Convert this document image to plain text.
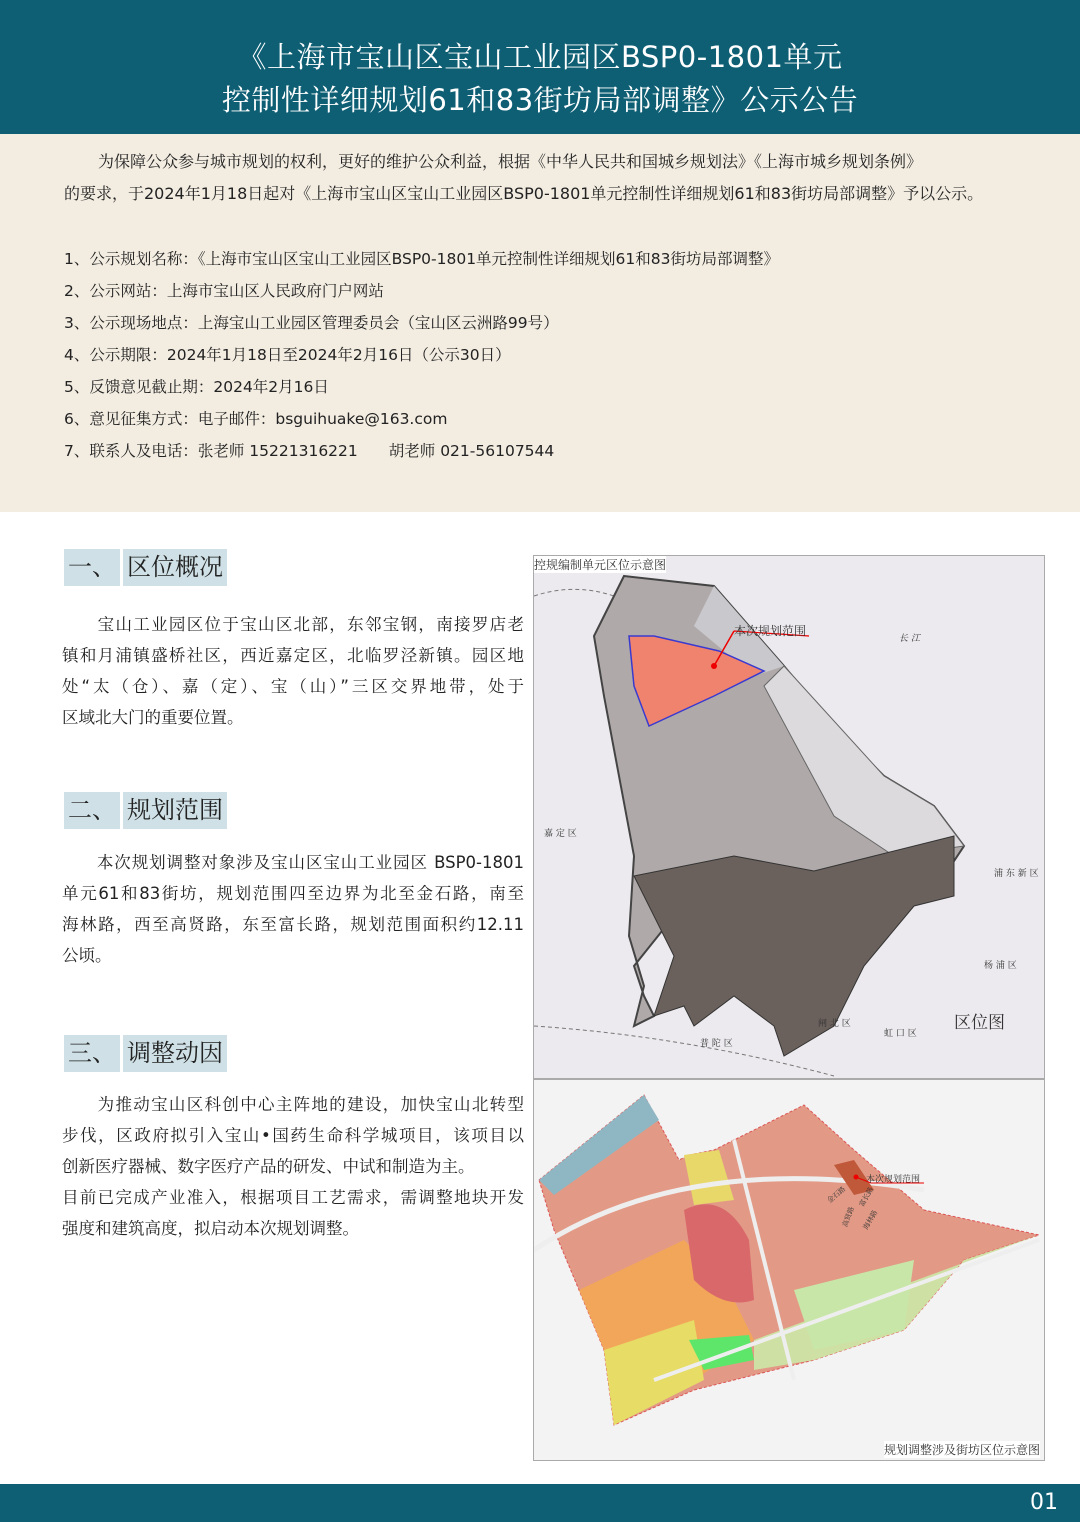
《上海市宝山区宝山工业园区BSP0-1801单元
控制性详细规划61和83街坊局部调整》公示公告
为保障公众参与城市规划的权利，更好的维护公众利益，根据《中华人民共和国城乡规划法》《上海市城乡规划条例》
的要求，于2024年1月18日起对《上海市宝山区宝山工业园区BSP0-1801单元控制性详细规划61和83街坊局部调整》予以公示。
1、公示规划名称：《上海市宝山区宝山工业园区BSP0-1801单元控制性详细规划61和83街坊局部调整》
2、公示网站：上海市宝山区人民政府门户网站
3、公示现场地点：上海宝山工业园区管理委员会（宝山区云洲路99号）
4、公示期限：2024年1月18日至2024年2月16日（公示30日）
5、反馈意见截止期：2024年2月16日
6、意见征集方式：电子邮件：bsguihuake@163.com
7、联系人及电话：张老师 15221316221　　胡老师 021-56107544
一、 区位概况
　　宝山工业园区位于宝山区北部，东邻宝钢，南接罗店老
镇和月浦镇盛桥社区，西近嘉定区，北临罗泾新镇。园区地
处“太（仓）、嘉（定）、宝（山）”三区交界地带，处于
区域北大门的重要位置。
二、 规划范围
　　本次规划调整对象涉及宝山区宝山工业园区 BSP0-1801
单元61和83街坊，规划范围四至边界为北至金石路，南至
海林路，西至高贤路，东至富长路，规划范围面积约12.11
公顷。
三、 调整动因
　　为推动宝山区科创中心主阵地的建设，加快宝山北转型
步伐，区政府拟引入宝山•国药生命科学城项目，该项目以
创新医疗器械、数字医疗产品的研发、中试和制造为主。
目前已完成产业准入，根据项目工艺需求，需调整地块开发
强度和建筑高度，拟启动本次规划调整。
控规编制单元区位示意图
本次规划范围
长 江
嘉 定 区
浦 东 新 区
杨 浦 区
闸 北 区
虹 口 区
普 陀 区
区位图
本次规划范围
金石路 富长路
高贤路 海林路
规划调整涉及街坊区位示意图
01
